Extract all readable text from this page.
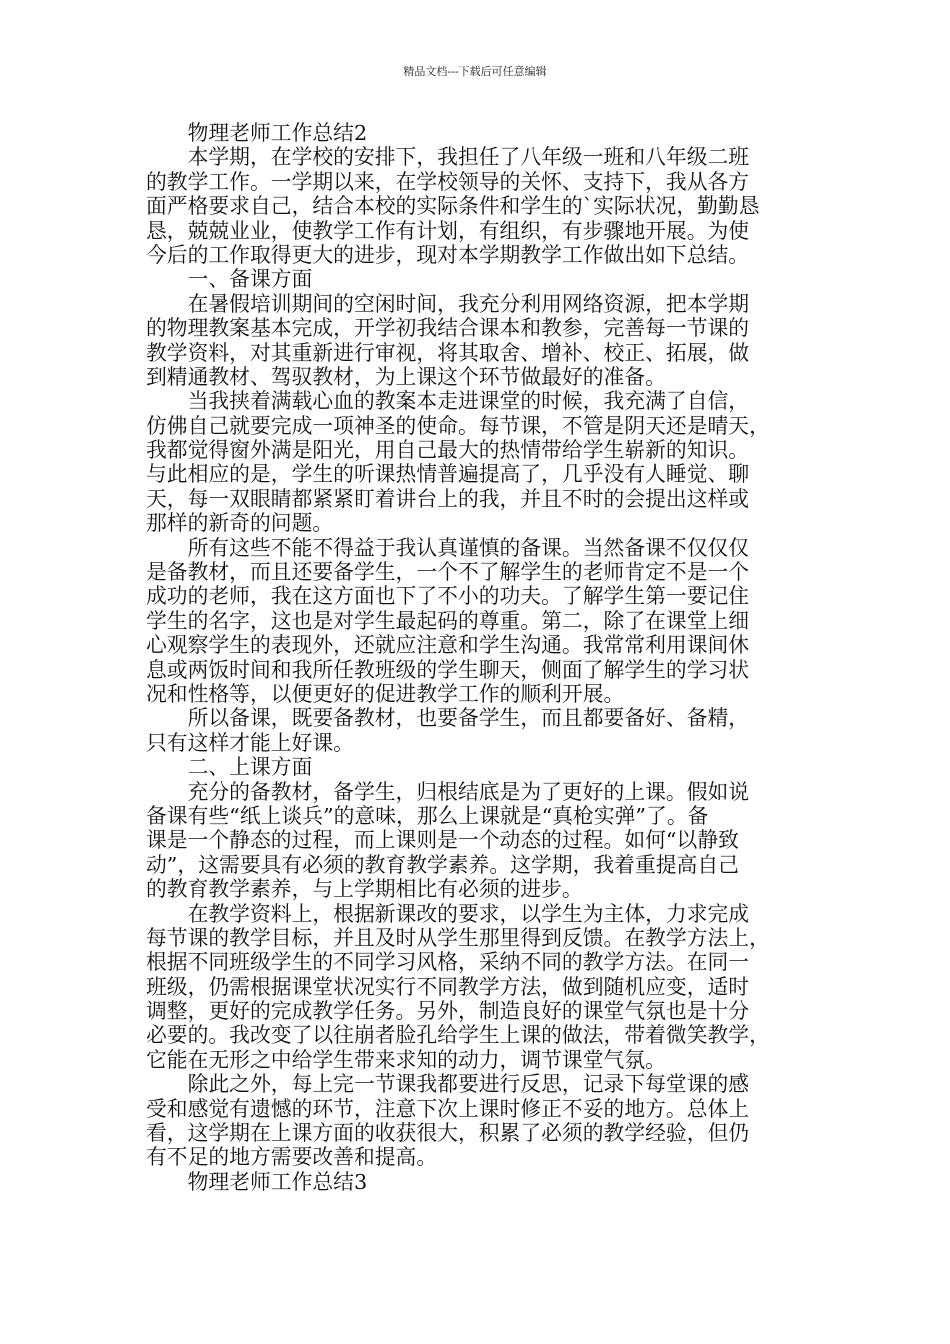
精品文档---下载后可任意编辑
物理老师工作总结2
本学期，在学校的安排下，我担任了八年级一班和八年级二班
的教学工作。一学期以来，在学校领导的关怀、支持下，我从各方
面严格要求自己，结合本校的实际条件和学生的`实际状况，勤勤恳
恳，兢兢业业，使教学工作有计划，有组织，有步骤地开展。为使
今后的工作取得更大的进步，现对本学期教学工作做出如下总结。
一、备课方面
在暑假培训期间的空闲时间，我充分利用网络资源，把本学期
的物理教案基本完成，开学初我结合课本和教参，完善每一节课的
教学资料，对其重新进行审视，将其取舍、增补、校正、拓展，做
到精通教材、驾驭教材，为上课这个环节做最好的准备。
当我挟着满载心血的教案本走进课堂的时候，我充满了自信，
仿佛自己就要完成一项神圣的使命。每节课，不管是阴天还是晴天，
我都觉得窗外满是阳光，用自己最大的热情带给学生崭新的知识。
与此相应的是，学生的听课热情普遍提高了，几乎没有人睡觉、聊
天，每一双眼睛都紧紧盯着讲台上的我，并且不时的会提出这样或
那样的新奇的问题。
所有这些不能不得益于我认真谨慎的备课。当然备课不仅仅仅
是备教材，而且还要备学生，一个不了解学生的老师肯定不是一个
成功的老师，我在这方面也下了不小的功夫。了解学生第一要记住
学生的名字，这也是对学生最起码的尊重。第二，除了在课堂上细
心观察学生的表现外，还就应注意和学生沟通。我常常利用课间休
息或两饭时间和我所任教班级的学生聊天，侧面了解学生的学习状
况和性格等，以便更好的促进教学工作的顺利开展。
所以备课，既要备教材，也要备学生，而且都要备好、备精，
只有这样才能上好课。
二、上课方面
充分的备教材，备学生，归根结底是为了更好的上课。假如说
备课有些“纸上谈兵”的意味，那么上课就是“真枪实弹”了。备
课是一个静态的过程，而上课则是一个动态的过程。如何“以静致
动”，这需要具有必须的教育教学素养。这学期，我着重提高自己
的教育教学素养，与上学期相比有必须的进步。
在教学资料上，根据新课改的要求，以学生为主体，力求完成
每节课的教学目标，并且及时从学生那里得到反馈。在教学方法上，
根据不同班级学生的不同学习风格，采纳不同的教学方法。在同一
班级，仍需根据课堂状况实行不同教学方法，做到随机应变，适时
调整，更好的完成教学任务。另外，制造良好的课堂气氛也是十分
必要的。我改变了以往崩者脸孔给学生上课的做法，带着微笑教学，
它能在无形之中给学生带来求知的动力，调节课堂气氛。
除此之外，每上完一节课我都要进行反思，记录下每堂课的感
受和感觉有遗憾的环节，注意下次上课时修正不妥的地方。总体上
看，这学期在上课方面的收获很大，积累了必须的教学经验，但仍
有不足的地方需要改善和提高。
物理老师工作总结3
